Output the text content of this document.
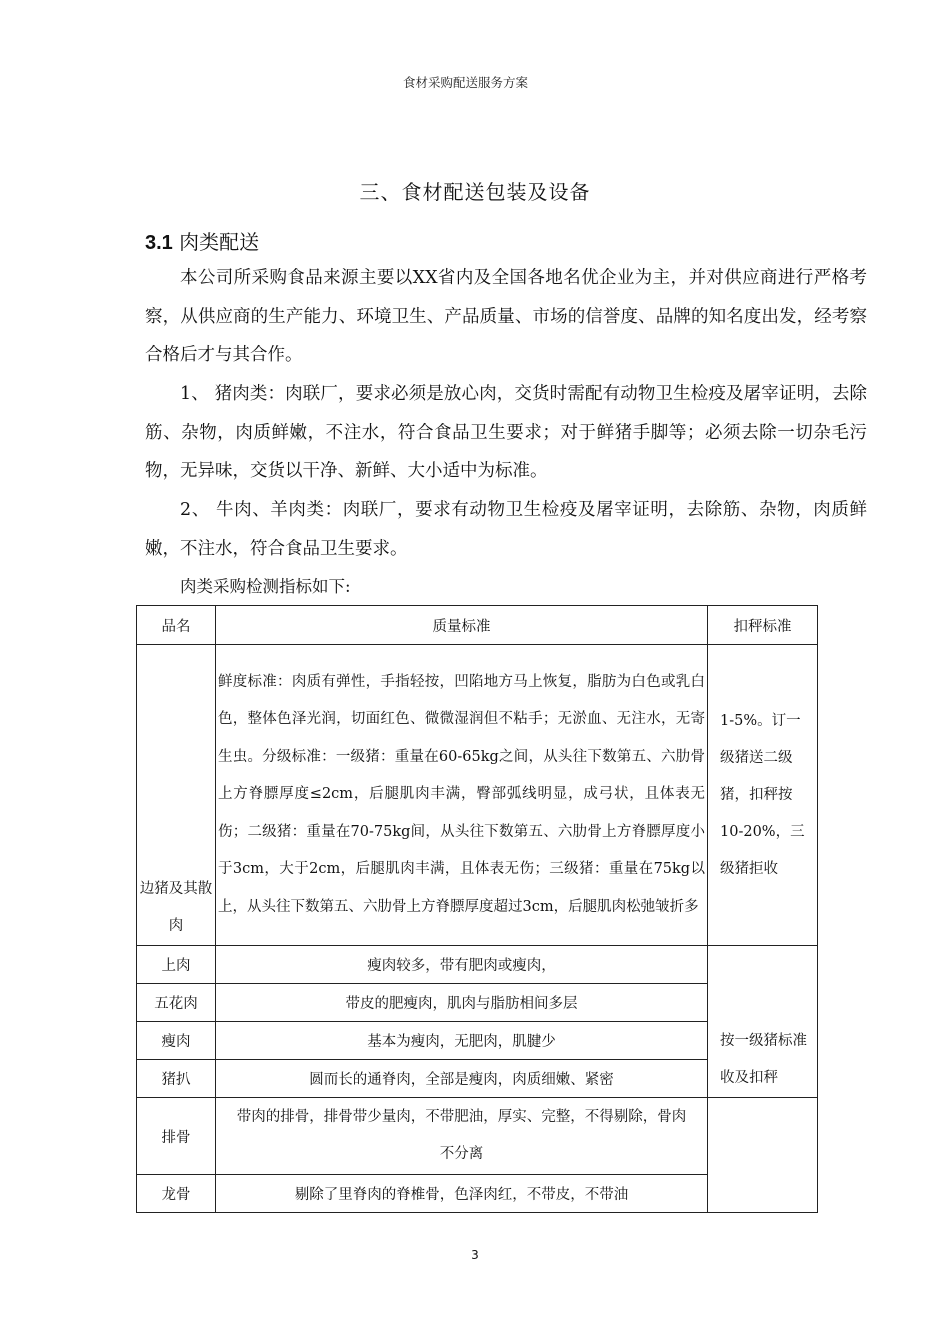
食材采购配送服务方案
三、食材配送包装及设备
3.1 肉类配送

本公司所采购食品来源主要以XX省内及全国各地名优企业为主，并对供应商进行严格考察，从供应商的生产能力、环境卫生、产品质量、市场的信誉度、品牌的知名度出发，经考察合格后才与其合作。

1、 猪肉类：肉联厂，要求必须是放心肉，交货时需配有动物卫生检疫及屠宰证明，去除筋、杂物，肉质鲜嫩，不注水，符合食品卫生要求；对于鲜猪手脚等；必须去除一切杂毛污物，无异味，交货以干净、新鲜、大小适中为标准。

2、 牛肉、羊肉类：肉联厂，要求有动物卫生检疫及屠宰证明，去除筋、杂物，肉质鲜嫩，不注水，符合食品卫生要求。

肉类采购检测指标如下:
品名	质量标准	扣秤标准
边猪及其散肉	鲜度标准：肉质有弹性，手指轻按，凹陷地方马上恢复，脂肪为白色或乳白色，整体色泽光润，切面红色、微微湿润但不粘手；无淤血、无注水，无寄生虫。分级标准：一级猪：重量在60-65kg之间，从头往下数第五、六肋骨上方脊膘厚度≤2cm，后腿肌肉丰满，臀部弧线明显，成弓状，且体表无伤；二级猪：重量在70-75kg间，从头往下数第五、六肋骨上方脊膘厚度小于3cm，大于2cm，后腿肌肉丰满，且体表无伤；三级猪：重量在75kg以上，从头往下数第五、六肋骨上方脊膘厚度超过3cm，后腿肌肉松弛皱折多	1-5%。订一级猪送二级猪，扣秤按10-20%，三级猪拒收
上肉	瘦肉较多，带有肥肉或瘦肉，	按一级猪标准收及扣秤
五花肉	带皮的肥瘦肉，肌肉与脂肪相间多层	
瘦肉	基本为瘦肉，无肥肉，肌腱少	
猪扒	圆而长的通脊肉，全部是瘦肉，肉质细嫩、紧密	
排骨	带肉的排骨，排骨带少量肉，不带肥油，厚实、完整，不得剔除，骨肉不分离	
龙骨	剔除了里脊肉的脊椎骨，色泽肉红，不带皮，不带油	
3
